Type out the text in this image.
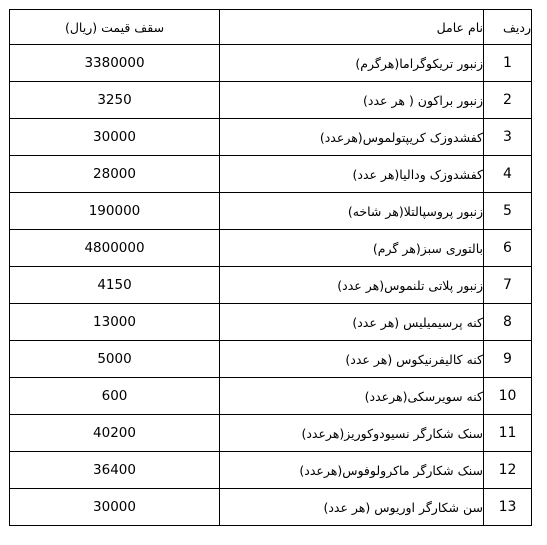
ردیف	نام عامل	سقف قیمت (ریال)
1	زنبور تریکوگراما(هرگرم)	3380000
2	زنبور براکون ( هر عدد)	3250
3	کفشدوزک کریپتولموس(هرعدد)	30000
4	کفشدوزک ودالیا(هر عدد)	28000
5	زنبور پروسپالتلا(هر شاخه)	190000
6	بالتوری سبز(هر گرم)	4800000
7	زنبور پلاتی تلنموس(هر عدد)	4150
8	کنه پرسیمیلیس (هر عدد)	13000
9	کنه کالیفرنیکوس (هر عدد)	5000
10	کنه سویرسکی(هرعدد)	600
11	سنک شکارگر نسیودوکوریز(هرعدد)	40200
12	سنک شکارگر ماکرولوفوس(هرعدد)	36400
13	سن شکارگر اوریوس (هر عدد)	30000
